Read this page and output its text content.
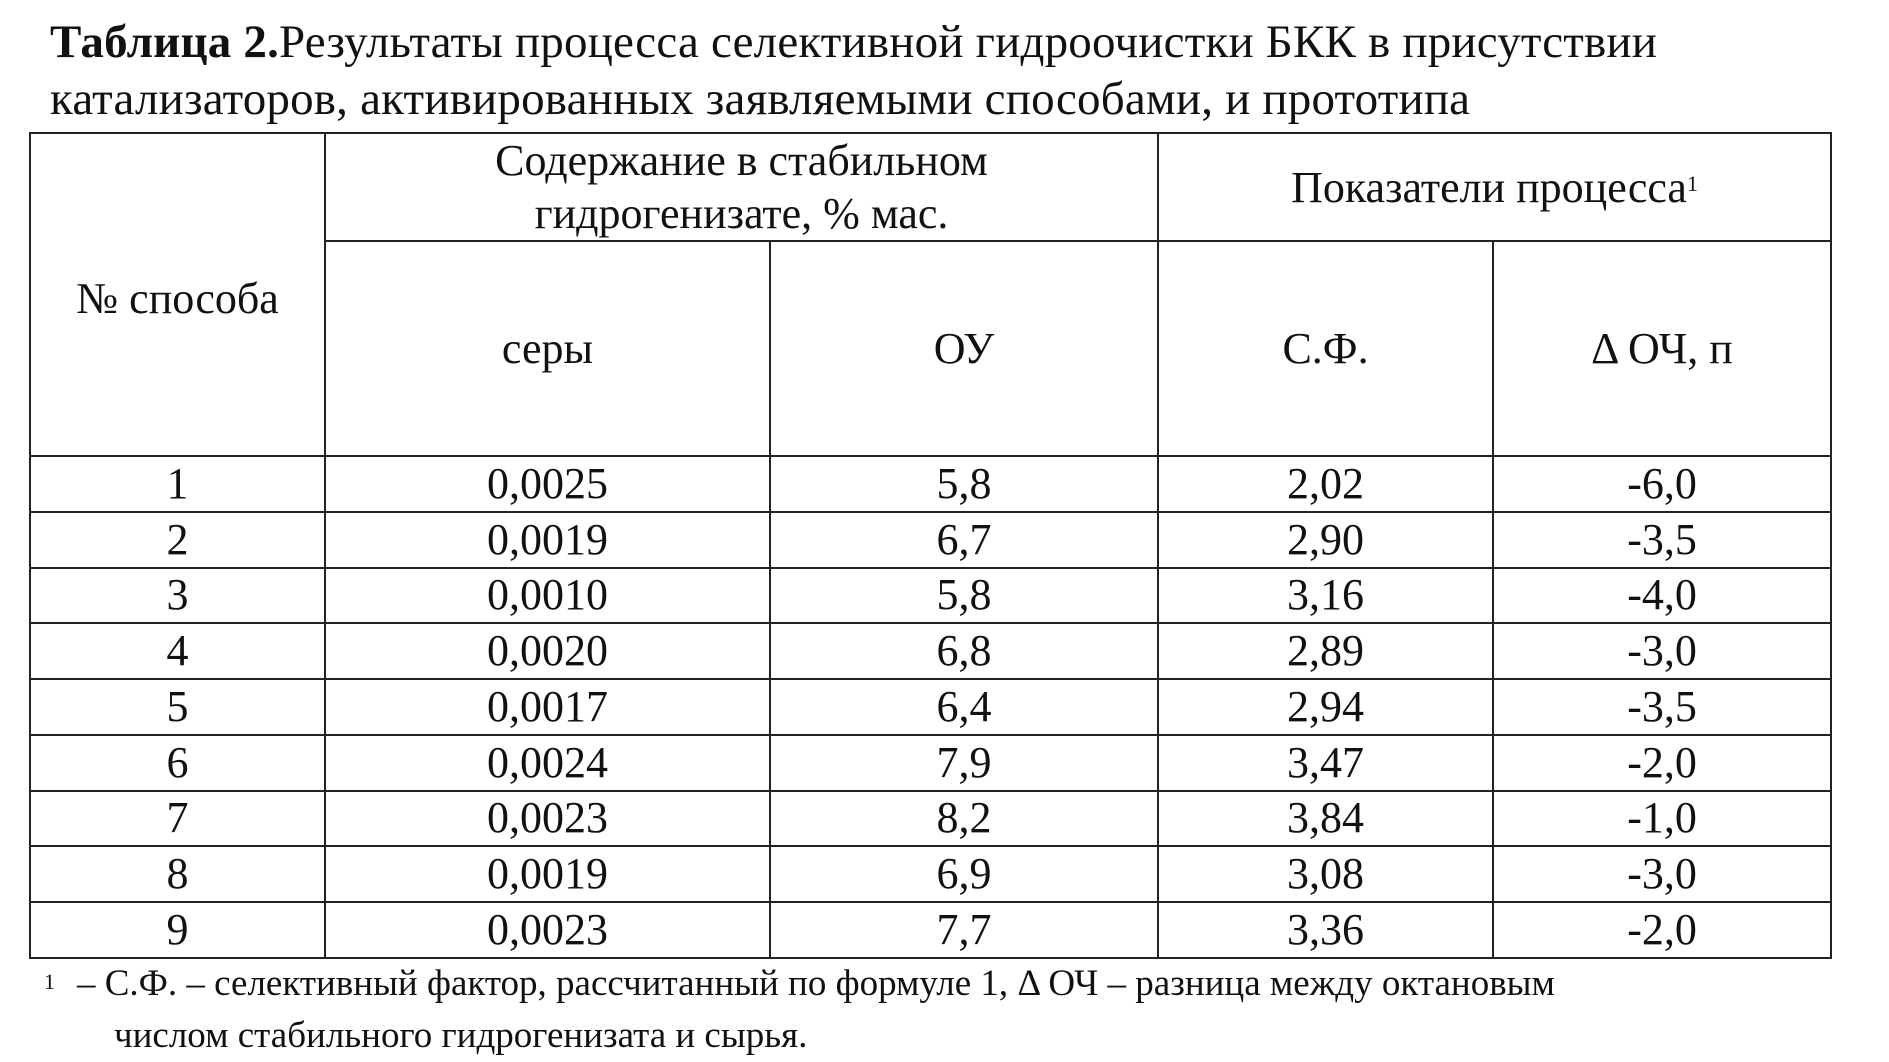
Таблица 2.Результаты процесса селективной гидроочистки БКК в присутствии
катализаторов, активированных заявляемыми способами, и прототипа
№ способа	Содержание в стабильном
гидрогенизате, % мас.		Показатели процесса$^1$
	серы	ОУ	С.Ф.	Δ ОЧ, п
1	0,0025	5,8	2,02	-6,0
2	0,0019	6,7	2,90	-3,5
3	0,0010	5,8	3,16	-4,0
4	0,0020	6,8	2,89	-3,0
5	0,0017	6,4	2,94	-3,5
6	0,0024	7,9	3,47	-2,0
7	0,0023	8,2	3,84	-1,0
8	0,0019	6,9	3,08	-3,0
9	0,0023	7,7	3,36	-2,0
$^1$ – С.Ф. – селективный фактор, рассчитанный по формуле 1, Δ ОЧ – разница между октановым
числом стабильного гидрогенизата и сырья.
